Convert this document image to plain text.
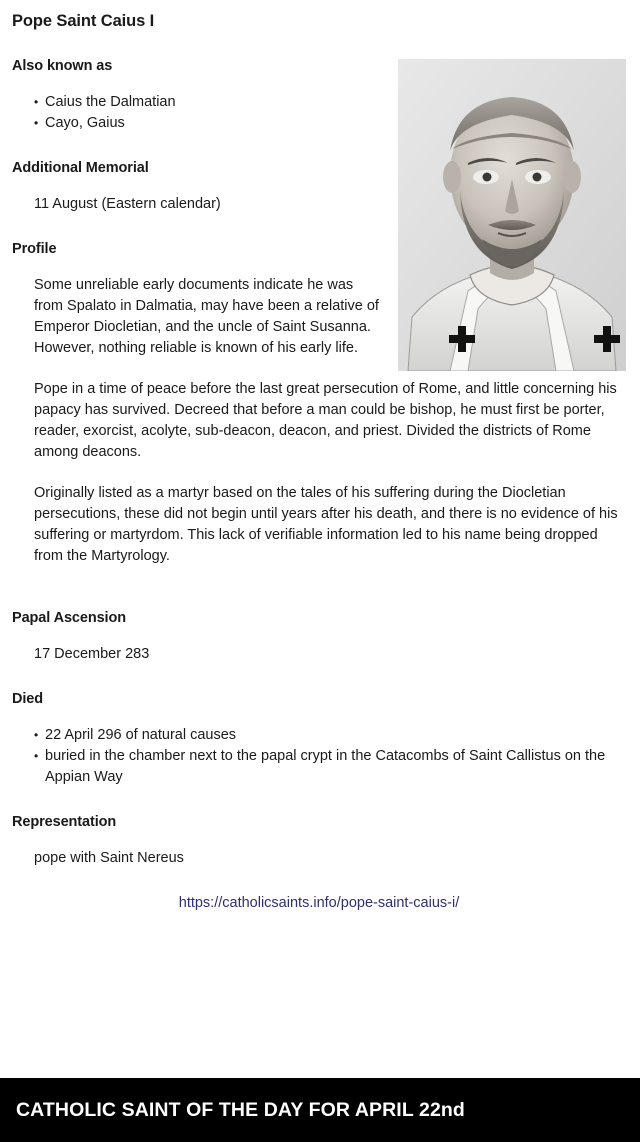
Pope Saint Caius I
Also known as
• Caius the Dalmatian
• Cayo, Gaius
Additional Memorial
11 August (Eastern calendar)
Profile

Some unreliable early documents indicate he was from Spalato in Dalmatia, may have been a relative of Emperor Diocletian, and the uncle of Saint Susanna. However, nothing reliable is known of his early life.

Pope in a time of peace before the last great persecution of Rome, and little concerning his papacy has survived. Decreed that before a man could be bishop, he must first be porter, reader, exorcist, acolyte, sub-deacon, deacon, and priest. Divided the districts of Rome among deacons.

Originally listed as a martyr based on the tales of his suffering during the Diocletian persecutions, these did not begin until years after his death, and there is no evidence of his suffering or martyrdom. This lack of verifiable information led to his name being dropped from the Martyrology.

Papal Ascension
17 December 283
Died
• 22 April 296 of natural causes
• buried in the chamber next to the papal crypt in the Catacombs of Saint Callistus on the Appian Way
Representation
pope with Saint Nereus
https://catholicsaints.info/pope-saint-caius-i/
CATHOLIC SAINT OF THE DAY FOR APRIL 22nd
